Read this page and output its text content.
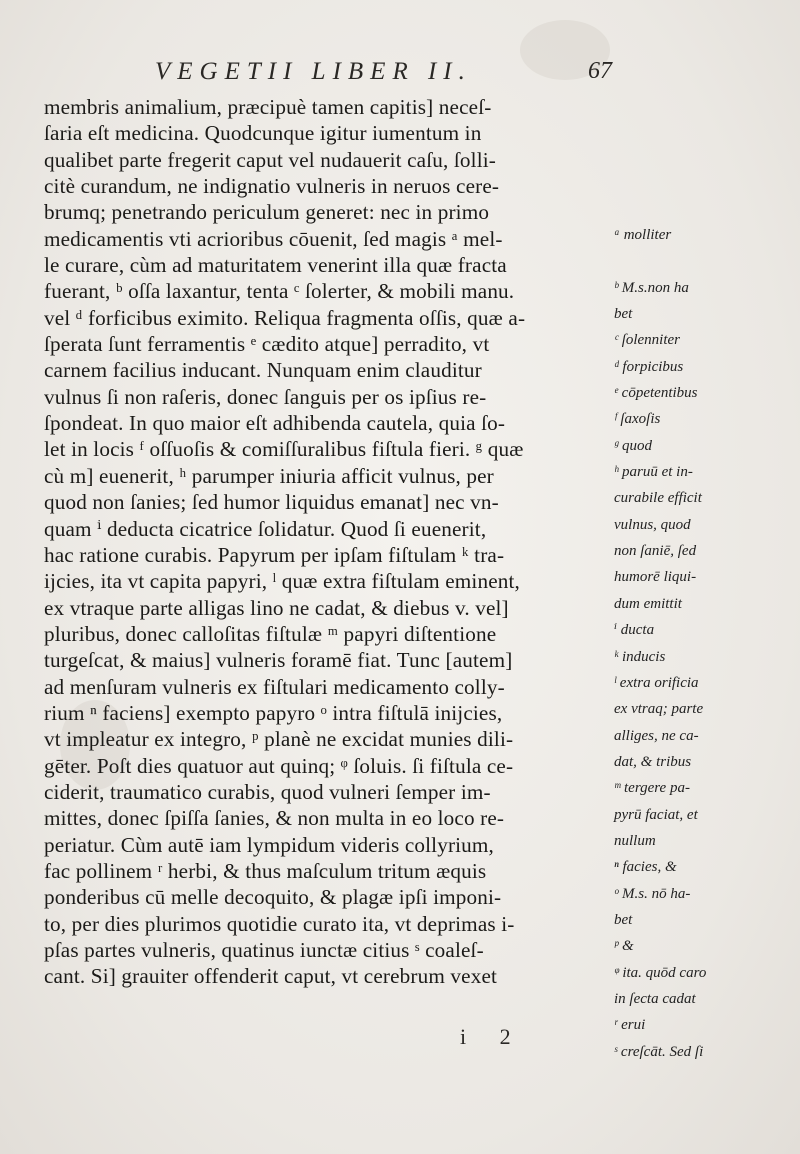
VEGETII LIBER II.	67
membris animalium, præcipuè tamen capitis] neceſ-
ſaria eſt medicina. Quodcunque igitur iumentum in
qualibet parte fregerit caput vel nudauerit caſu, ſolli-
citè curandum, ne indignatio vulneris in neruos cere-
brumq; penetrando periculum generet: nec in primo
medicamentis vti acrioribus cōuenit, ſed magis ᵃ mel-
le curare, cùm ad maturitatem venerint illa quæ fracta
fuerant, ᵇ oſſa laxantur, tenta ᶜ ſolerter, & mobili manu.
vel ᵈ forficibus eximito. Reliqua fragmenta oſſis, quæ a-
ſperata ſunt ferramentis ᵉ cædito atque] perradito, vt
carnem facilius inducant. Nunquam enim clauditur
vulnus ſi non raſeris, donec ſanguis per os ipſius re-
ſpondeat. In quo maior eſt adhibenda cautela, quia ſo-
let in locis ᶠ oſſuoſis & comiſſuralibus fiſtula fieri. ᵍ quæ
cù m] euenerit, ʰ parumper iniuria afficit vulnus, per
quod non ſanies; ſed humor liquidus emanat] nec vn-
quam ⁱ deducta cicatrice ſolidatur. Quod ſi euenerit,
hac ratione curabis. Papyrum per ipſam fiſtulam ᵏ tra-
ijcies, ita vt capita papyri, ˡ quæ extra fiſtulam eminent,
ex vtraque parte alligas lino ne cadat, & diebus v. vel]
pluribus, donec calloſitas fiſtulæ ᵐ papyri diſtentione
turgeſcat, & maius] vulneris foramē fiat. Tunc [autem]
ad menſuram vulneris ex fiſtulari medicamento colly-
rium ⁿ faciens] exempto papyro ᵒ intra fiſtulā inijcies,
vt impleatur ex integro, ᵖ planè ne excidat munies dili-
gēter. Poſt dies quatuor aut quinq; ᵠ ſoluis. ſi fiſtula ce-
ciderit, traumatico curabis, quod vulneri ſemper im-
mittes, donec ſpiſſa ſanies, & non multa in eo loco re-
periatur. Cùm autē iam lympidum videris collyrium,
fac pollinem ʳ herbi, & thus maſculum tritum æquis
ponderibus cū melle decoquito, & plagæ ipſi imponi-
to, per dies plurimos quotidie curato ita, vt deprimas i-
pſas partes vulneris, quatinus iunctæ citius ˢ coaleſ-
cant. Si] grauiter offenderit caput, vt cerebrum vexet
ᵃ molliter
ᵇ M.s.non ha
bet
ᶜ ſolenniter
ᵈ forpicibus
ᵉ cōpetentibus
ᶠ ſaxoſis
ᵍ quod
ʰ paruū et in-
curabile efficit
vulnus, quod
non ſaniē, ſed
humorē liqui-
dum emittit
ⁱ ducta
ᵏ inducis
ˡ extra orificia
ex vtraq; parte
alliges, ne ca-
dat, & tribus
ᵐ tergere pa-
pyrū faciat, et
nullum
ⁿ facies, &
ᵒ M.s. nō ha-
bet
ᵖ &
ᵠ ita. quōd caro
in ſecta cadat
ʳ erui
ˢ creſcāt. Sed ſi
i 2
